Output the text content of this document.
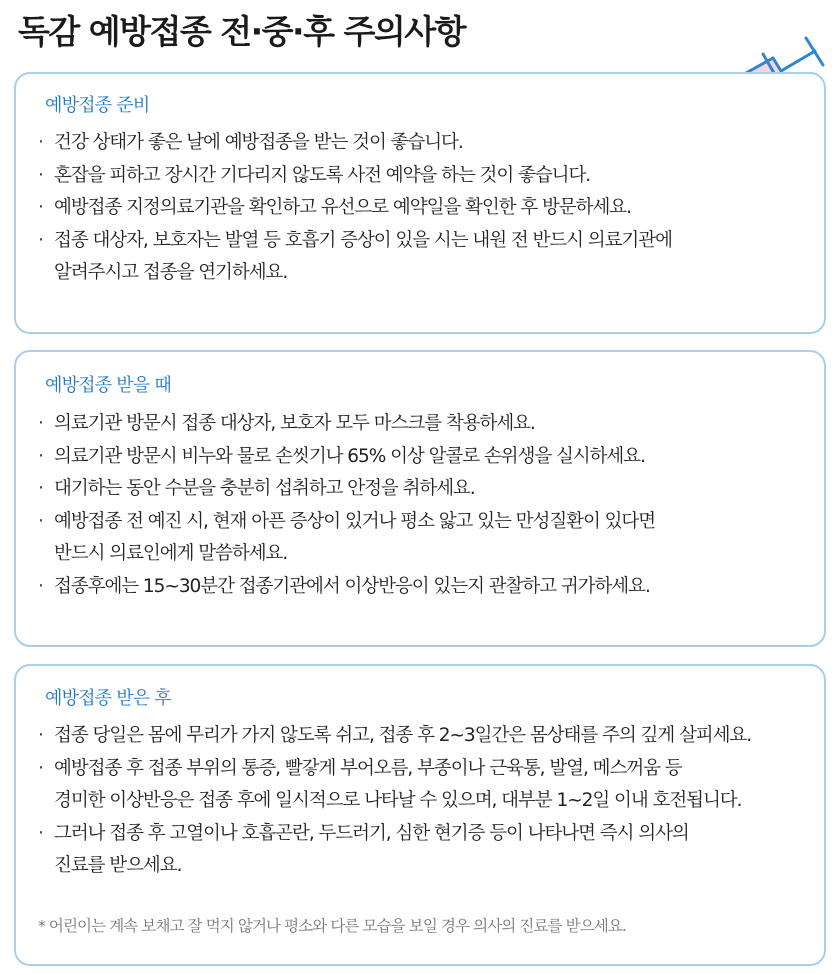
독감 예방접종 전·중·후 주의사항
예방접종 준비
· 건강 상태가 좋은 날에 예방접종을 받는 것이 좋습니다.
· 혼잡을 피하고 장시간 기다리지 않도록 사전 예약을 하는 것이 좋습니다.
· 예방접종 지정의료기관을 확인하고 유선으로 예약일을 확인한 후 방문하세요.
· 접종 대상자, 보호자는 발열 등 호흡기 증상이 있을 시는 내원 전 반드시 의료기관에
알려주시고 접종을 연기하세요.
예방접종 받을 때
· 의료기관 방문시 접종 대상자, 보호자 모두 마스크를 착용하세요.
· 의료기관 방문시 비누와 물로 손씻기나 65% 이상 알콜로 손위생을 실시하세요.
· 대기하는 동안 수분을 충분히 섭취하고 안정을 취하세요.
· 예방접종 전 예진 시, 현재 아픈 증상이 있거나 평소 앓고 있는 만성질환이 있다면
반드시 의료인에게 말씀하세요.
· 접종후에는 15~30분간 접종기관에서 이상반응이 있는지 관찰하고 귀가하세요.
예방접종 받은 후
· 접종 당일은 몸에 무리가 가지 않도록 쉬고, 접종 후 2~3일간은 몸상태를 주의 깊게 살피세요.
· 예방접종 후 접종 부위의 통증, 빨갛게 부어오름, 부종이나 근육통, 발열, 메스꺼움 등
경미한 이상반응은 접종 후에 일시적으로 나타날 수 있으며, 대부분 1~2일 이내 호전됩니다.
· 그러나 접종 후 고열이나 호흡곤란, 두드러기, 심한 현기증 등이 나타나면 즉시 의사의
진료를 받으세요.
* 어린이는 계속 보채고 잘 먹지 않거나 평소와 다른 모습을 보일 경우 의사의 진료를 받으세요.
